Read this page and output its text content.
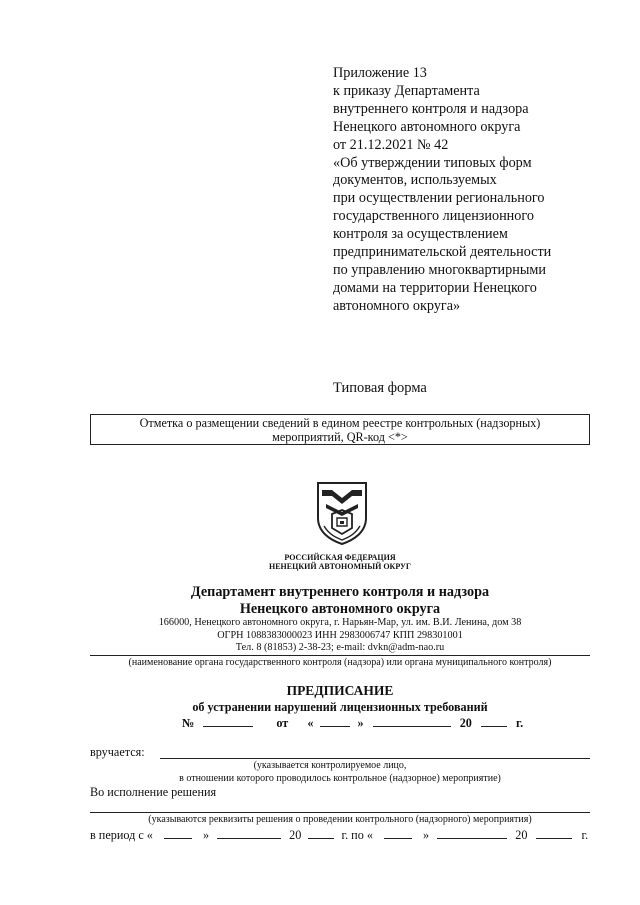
Приложение 13
к приказу Департамента
внутреннего контроля и надзора
Ненецкого автономного округа
от 21.12.2021 № 42
«Об утверждении типовых форм
документов, используемых
при осуществлении регионального
государственного лицензионного
контроля за осуществлением
предпринимательской деятельности
по управлению многоквартирными
домами на территории Ненецкого
автономного округа»
Типовая форма
Отметка о размещении сведений в едином реестре контрольных (надзорных)
мероприятий, QR-код <*>
РОССИЙСКАЯ ФЕДЕРАЦИЯ
НЕНЕЦКИЙ АВТОНОМНЫЙ ОКРУГ
Департамент внутреннего контроля и надзора
Ненецкого автономного округа
166000, Ненецкого автономного округа, г. Нарьян-Мар, ул. им. В.И. Ленина, дом 38
ОГРН 1088383000023 ИНН 2983006747 КПП 298301001
Тел. 8 (81853) 2-38-23; e-mail: dvkn@adm-nao.ru
(наименование органа государственного контроля (надзора) или органа муниципального контроля)
ПРЕДПИСАНИЕ
об устранении нарушений лицензионных требований
№	от «	»	20	г.
вручается:
(указывается контролируемое лицо,
в отношении которого проводилось контрольное (надзорное) мероприятие)
Во исполнение решения
(указываются реквизиты решения о проведении контрольного (надзорного) мероприятия)
в период с «	»	20	г. по «	»	20	г.
